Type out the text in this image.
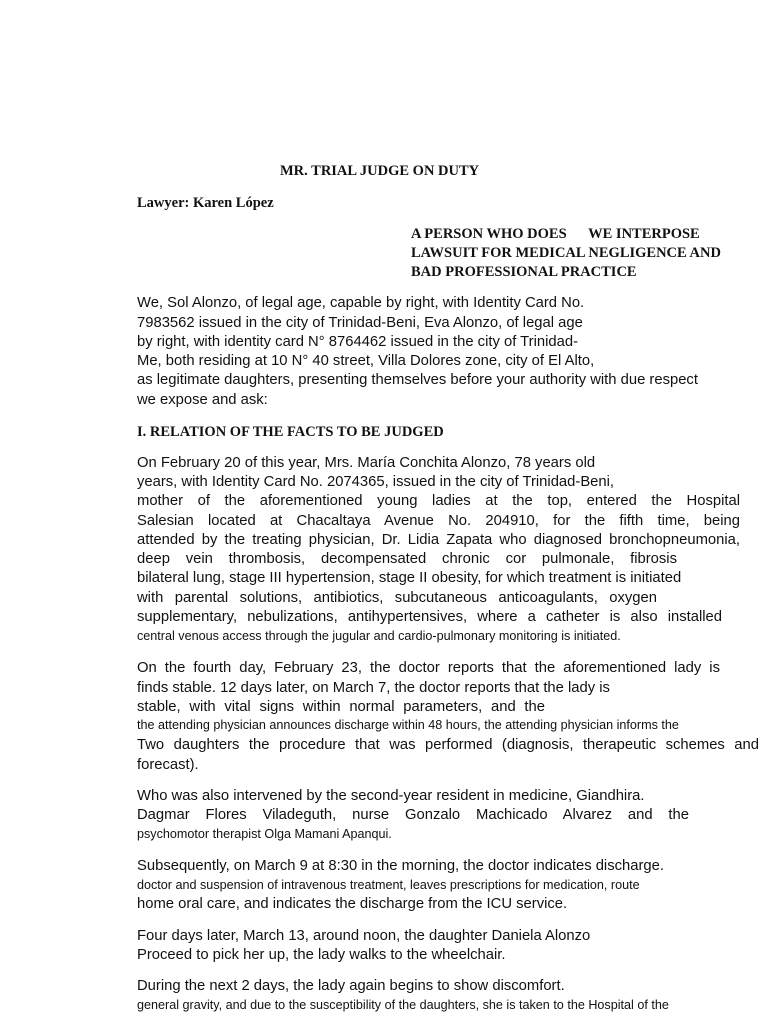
MR. TRIAL JUDGE ON DUTY
Lawyer: Karen López
A PERSON WHO DOES      WE INTERPOSE
LAWSUIT FOR MEDICAL NEGLIGENCE AND
BAD PROFESSIONAL PRACTICE
We, Sol Alonzo, of legal age, capable by right, with Identity Card No.
7983562 issued in the city of Trinidad-Beni, Eva Alonzo, of legal age
by right, with identity card N° 8764462 issued in the city of Trinidad-
Me, both residing at 10 N° 40 street, Villa Dolores zone, city of El Alto,
as legitimate daughters, presenting themselves before your authority with due respect
we expose and ask:
I. RELATION OF THE FACTS TO BE JUDGED
On February 20 of this year, Mrs. María Conchita Alonzo, 78 years old
years, with Identity Card No. 2074365, issued in the city of Trinidad-Beni,
mother of the aforementioned young ladies at the top, entered the Hospital
Salesian located at Chacaltaya Avenue No. 204910, for the fifth time, being
attended by the treating physician, Dr. Lidia Zapata who diagnosed bronchopneumonia,
deep vein thrombosis, decompensated chronic cor pulmonale, fibrosis
bilateral lung, stage III hypertension, stage II obesity, for which treatment is initiated
with parental solutions, antibiotics, subcutaneous anticoagulants, oxygen
supplementary, nebulizations, antihypertensives, where a catheter is also installed
central venous access through the jugular and cardio-pulmonary monitoring is initiated.
On the fourth day, February 23, the doctor reports that the aforementioned lady is
finds stable. 12 days later, on March 7, the doctor reports that the lady is
stable, with vital signs within normal parameters, and the
the attending physician announces discharge within 48 hours, the attending physician informs the
Two daughters the procedure that was performed (diagnosis, therapeutic schemes and
forecast).
Who was also intervened by the second-year resident in medicine, Giandhira.
Dagmar Flores Viladeguth, nurse Gonzalo Machicado Alvarez and the
psychomotor therapist Olga Mamani Apanqui.
Subsequently, on March 9 at 8:30 in the morning, the doctor indicates discharge.
doctor and suspension of intravenous treatment, leaves prescriptions for medication, route
home oral care, and indicates the discharge from the ICU service.
Four days later, March 13, around noon, the daughter Daniela Alonzo
Proceed to pick her up, the lady walks to the wheelchair.
During the next 2 days, the lady again begins to show discomfort.
general gravity, and due to the susceptibility of the daughters, she is taken to the Hospital of the
